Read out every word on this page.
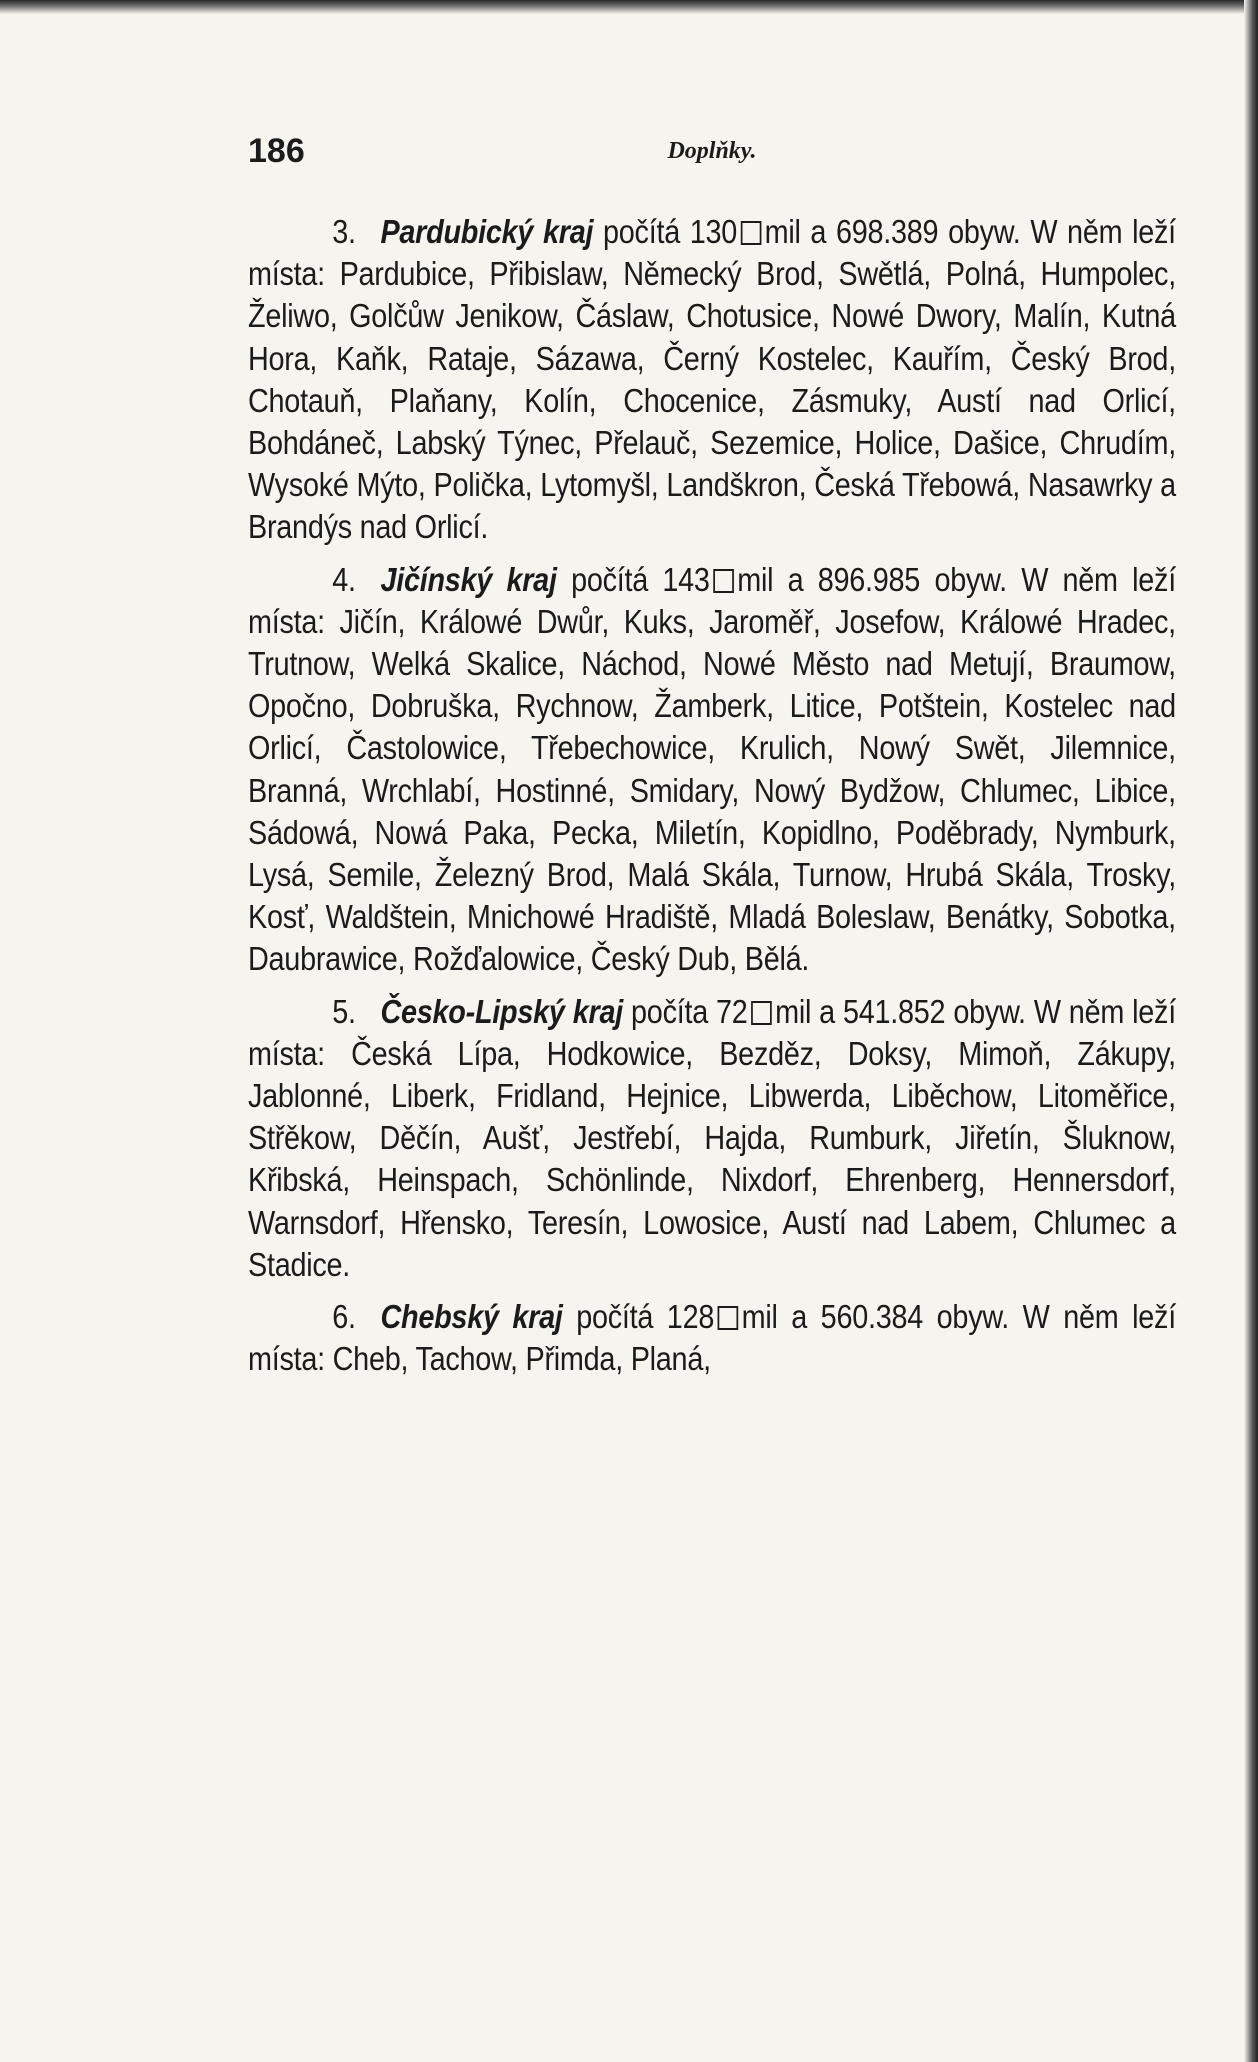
186	Doplňky.

3. Pardubický kraj počítá 130 mil a 698.389 obyw. W něm leží místa: Pardubice, Přibislaw, Německý Brod, Swětlá, Polná, Humpolec, Želiwo, Golčůw Jenikow, Čáslaw, Chotusice, Nowé Dwory, Malín, Kutná Hora, Kaňk, Rataje, Sázawa, Černý Kostelec, Kauřím, Český Brod, Chotauň, Plaňany, Kolín, Chocenice, Zásmuky, Austí nad Orlicí, Bohdáneč, Labský Týnec, Přelauč, Sezemice, Holice, Dašice, Chrudím, Wysoké Mýto, Polička, Lytomyšl, Landškron, Česká Třebowá, Nasawrky a Brandýs nad Orlicí.

4. Jičínský kraj počítá 143 mil a 896.985 obyw. W něm leží místa: Jičín, Králowé Dwůr, Kuks, Jaroměř, Josefow, Králowé Hradec, Trutnow, Welká Skalice, Náchod, Nowé Město nad Metují, Braumow, Opočno, Dobruška, Rychnow, Žamberk, Litice, Potštein, Kostelec nad Orlicí, Častolowice, Třebechowice, Krulich, Nowý Swět, Jilemnice, Branná, Wrchlabí, Hostinné, Smidary, Nowý Bydžow, Chlumec, Libice, Sádowá, Nowá Paka, Pecka, Miletín, Kopidlno, Poděbrady, Nymburk, Lysá, Semile, Železný Brod, Malá Skála, Turnow, Hrubá Skála, Trosky, Kosť, Waldštein, Mnichowé Hradiště, Mladá Boleslaw, Benátky, Sobotka, Daubrawice, Rožďalowice, Český Dub, Bělá.

5. Česko-Lipský kraj počíta 72 mil a 541.852 obyw. W něm leží místa: Česká Lípa, Hodkowice, Bezděz, Doksy, Mimoň, Zákupy, Jablonné, Liberk, Fridland, Hejnice, Libwerda, Liběchow, Litoměřice, Střěkow, Děčín, Aušť, Jestřebí, Hajda, Rumburk, Jiřetín, Šluknow, Křibská, Heinspach, Schönlinde, Nixdorf, Ehrenberg, Hennersdorf, Warnsdorf, Hřensko, Teresín, Lowosice, Austí nad Labem, Chlumec a Stadice.

6. Chebský kraj počítá 128 mil a 560.384 obyw. W něm leží místa: Cheb, Tachow, Přimda, Planá,
